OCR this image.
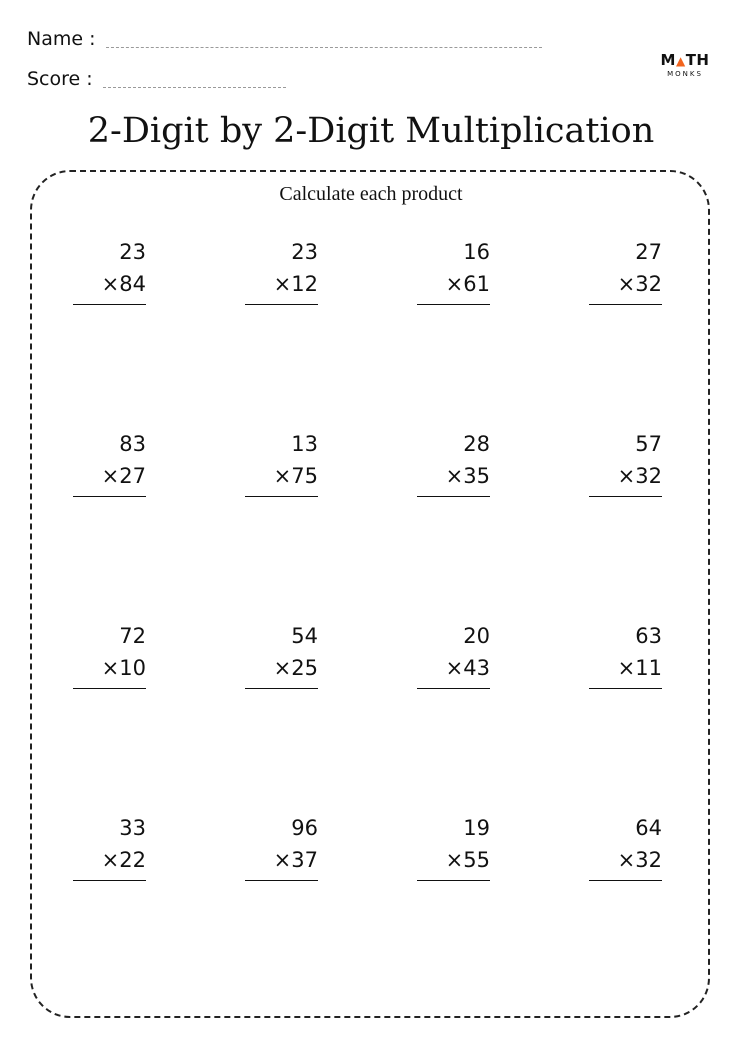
Name :
Score :
M▲TH
MONKS
2-Digit by 2-Digit Multiplication
Calculate each product
23
×84
23
×12
16
×61
27
×32
83
×27
13
×75
28
×35
57
×32
72
×10
54
×25
20
×43
63
×11
33
×22
96
×37
19
×55
64
×32
